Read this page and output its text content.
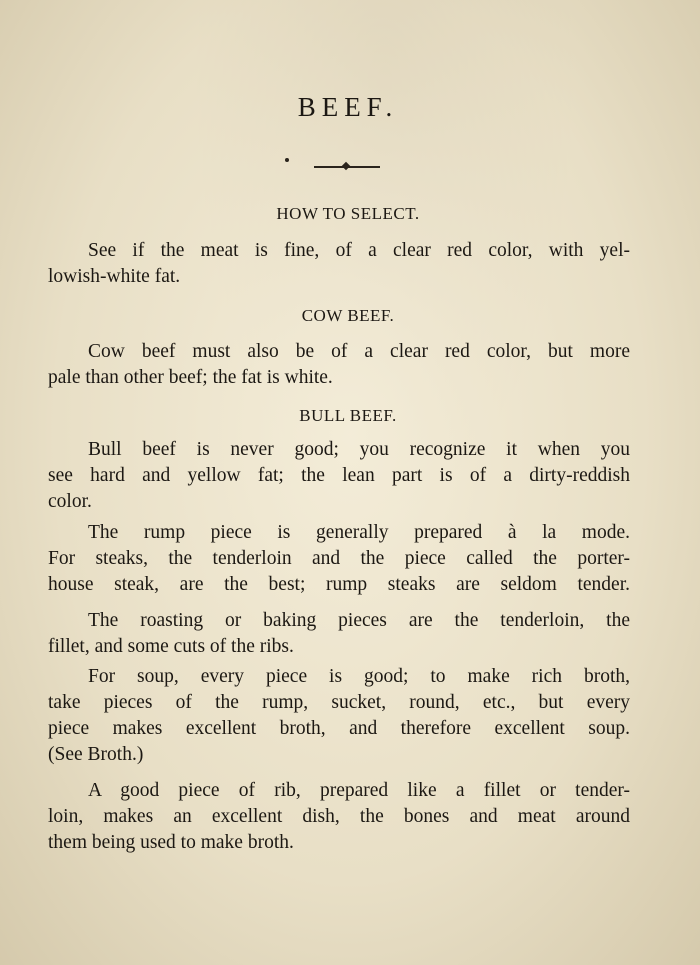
BEEF.
HOW TO SELECT.
See if the meat is fine, of a clear red color, with yel-
lowish-white fat.
COW BEEF.
Cow beef must also be of a clear red color, but more
pale than other beef; the fat is white.
BULL BEEF.
Bull beef is never good; you recognize it when you
see hard and yellow fat; the lean part is of a dirty-reddish
color.
The rump piece is generally prepared à la mode.
For steaks, the tenderloin and the piece called the porter-
house steak, are the best; rump steaks are seldom tender.
The roasting or baking pieces are the tenderloin, the
fillet, and some cuts of the ribs.
For soup, every piece is good; to make rich broth,
take pieces of the rump, sucket, round, etc., but every
piece makes excellent broth, and therefore excellent soup.
(See Broth.)
A good piece of rib, prepared like a fillet or tender-
loin, makes an excellent dish, the bones and meat around
them being used to make broth.
